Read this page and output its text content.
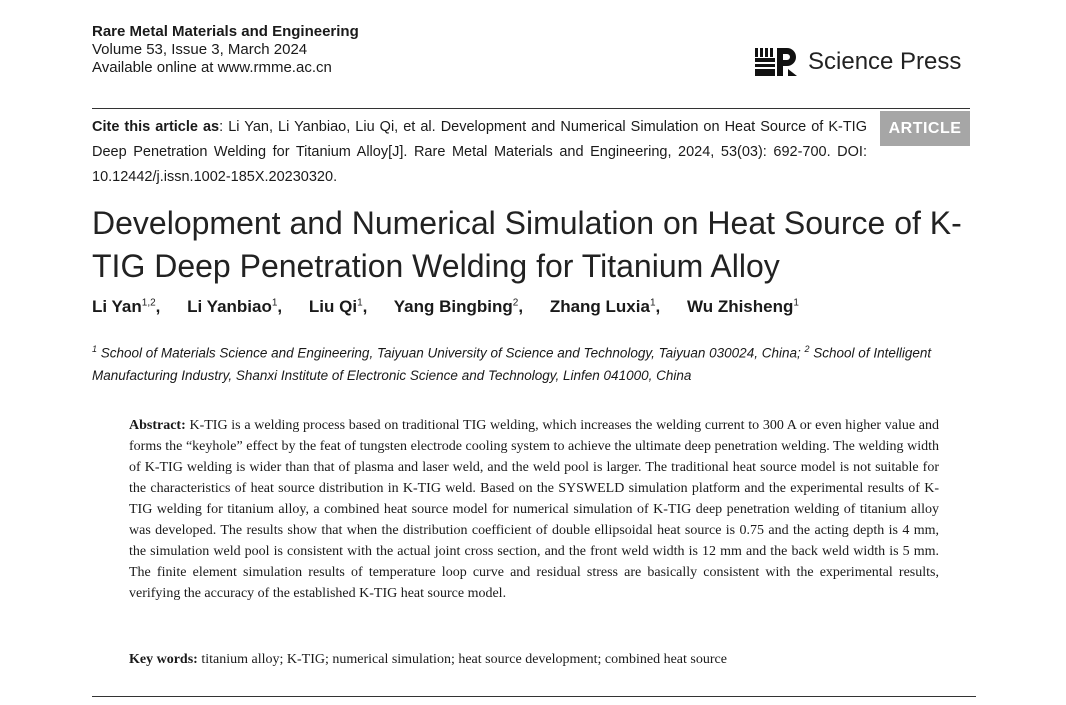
Rare Metal Materials and Engineering
Volume 53, Issue 3, March 2024
Available online at www.rmme.ac.cn	Science Press
Cite this article as: Li Yan, Li Yanbiao, Liu Qi, et al. Development and Numerical Simulation on Heat Source of K-TIG Deep Penetration Welding for Titanium Alloy[J]. Rare Metal Materials and Engineering, 2024, 53(03): 692-700. DOI: 10.12442/j.issn.1002-185X.20230320.
ARTICLE
Development and Numerical Simulation on Heat Source of K-TIG Deep Penetration Welding for Titanium Alloy
Li Yan$^{1,2}$, Li Yanbiao$^1$, Liu Qi$^1$, Yang Bingbing$^2$, Zhang Luxia$^1$, Wu Zhisheng$^1$
$^1$ School of Materials Science and Engineering, Taiyuan University of Science and Technology, Taiyuan 030024, China; $^2$ School of Intelligent Manufacturing Industry, Shanxi Institute of Electronic Science and Technology, Linfen 041000, China
Abstract: K-TIG is a welding process based on traditional TIG welding, which increases the welding current to 300 A or even higher value and forms the “keyhole” effect by the feat of tungsten electrode cooling system to achieve the ultimate deep penetration welding. The welding width of K-TIG welding is wider than that of plasma and laser weld, and the weld pool is larger. The traditional heat source model is not suitable for the characteristics of heat source distribution in K-TIG weld. Based on the SYSWELD simulation platform and the experimental results of K-TIG welding for titanium alloy, a combined heat source model for numerical simulation of K-TIG deep penetration welding of titanium alloy was developed. The results show that when the distribution coefficient of double ellipsoidal heat source is 0.75 and the acting depth is 4 mm, the simulation weld pool is consistent with the actual joint cross section, and the front weld width is 12 mm and the back weld width is 5 mm. The finite element simulation results of temperature loop curve and residual stress are basically consistent with the experimental results, verifying the accuracy of the established K-TIG heat source model.
Key words: titanium alloy; K-TIG; numerical simulation; heat source development; combined heat source
